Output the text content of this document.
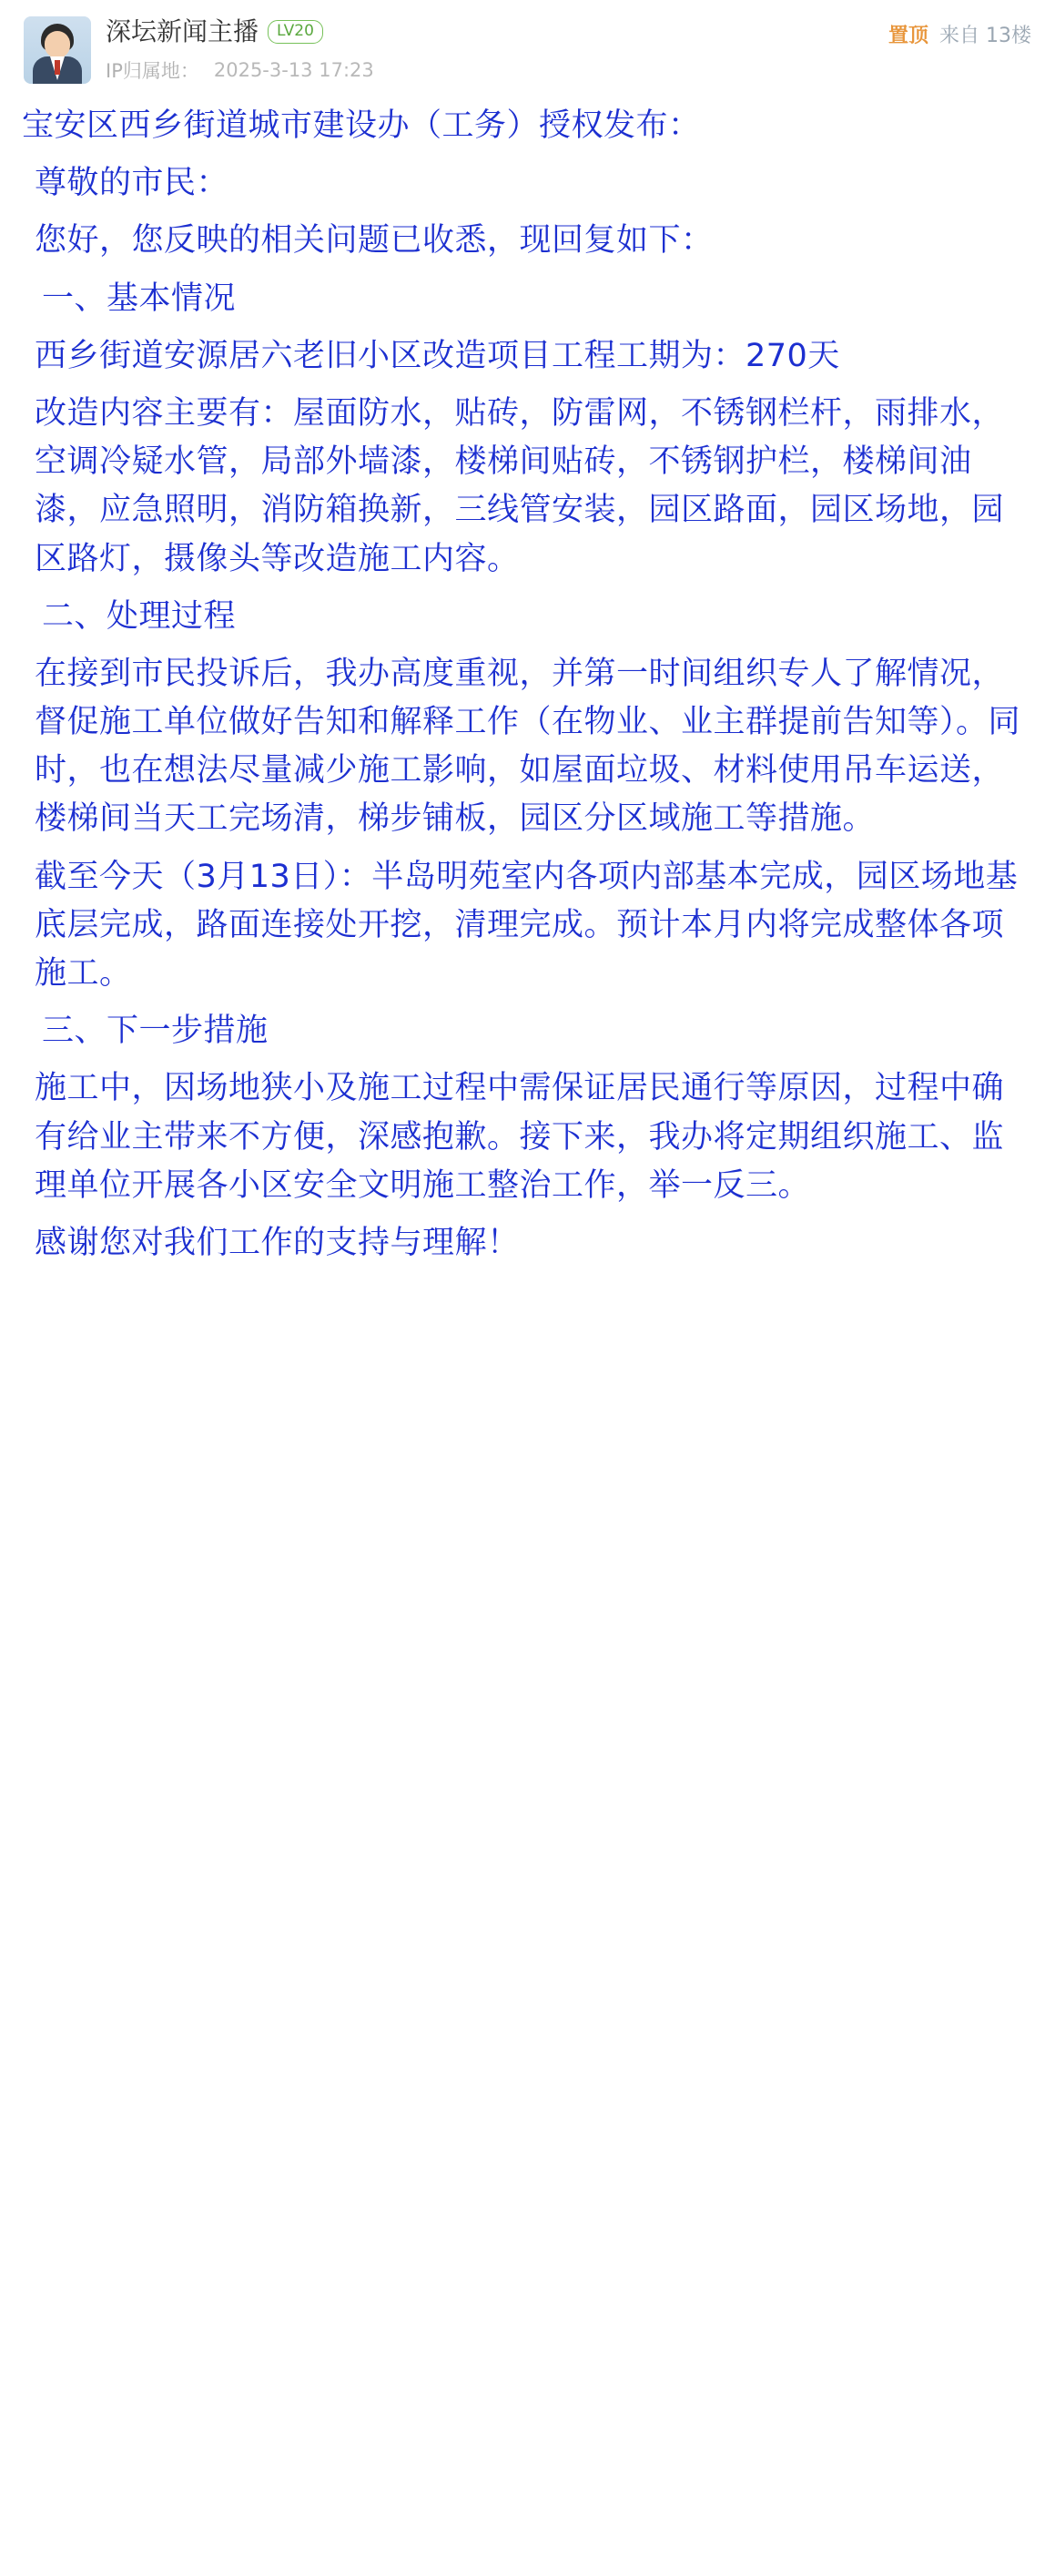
深坛新闻主播	LV20
IP归属地： 2025-3-13 17:23
置顶 来自 13楼

宝安区西乡街道城市建设办（工务）授权发布：

尊敬的市民：

您好，您反映的相关问题已收悉，现回复如下：

一、基本情况

西乡街道安源居六老旧小区改造项目工程工期为：270天

改造内容主要有：屋面防水，贴砖，防雷网，不锈钢栏杆，雨排水，空调冷疑水管，局部外墙漆，楼梯间贴砖，不锈钢护栏，楼梯间油漆，应急照明，消防箱换新，三线管安装，园区路面，园区场地，园区路灯，摄像头等改造施工内容。

二、处理过程

在接到市民投诉后，我办高度重视，并第一时间组织专人了解情况，督促施工单位做好告知和解释工作（在物业、业主群提前告知等）。同时，也在想法尽量减少施工影响，如屋面垃圾、材料使用吊车运送，楼梯间当天工完场清，梯步铺板，园区分区域施工等措施。

截至今天（3月13日）：半岛明苑室内各项内部基本完成，园区场地基底层完成，路面连接处开挖，清理完成。预计本月内将完成整体各项施工。

三、下一步措施

施工中，因场地狭小及施工过程中需保证居民通行等原因，过程中确有给业主带来不方便，深感抱歉。接下来，我办将定期组织施工、监理单位开展各小区安全文明施工整治工作，举一反三。

感谢您对我们工作的支持与理解！
